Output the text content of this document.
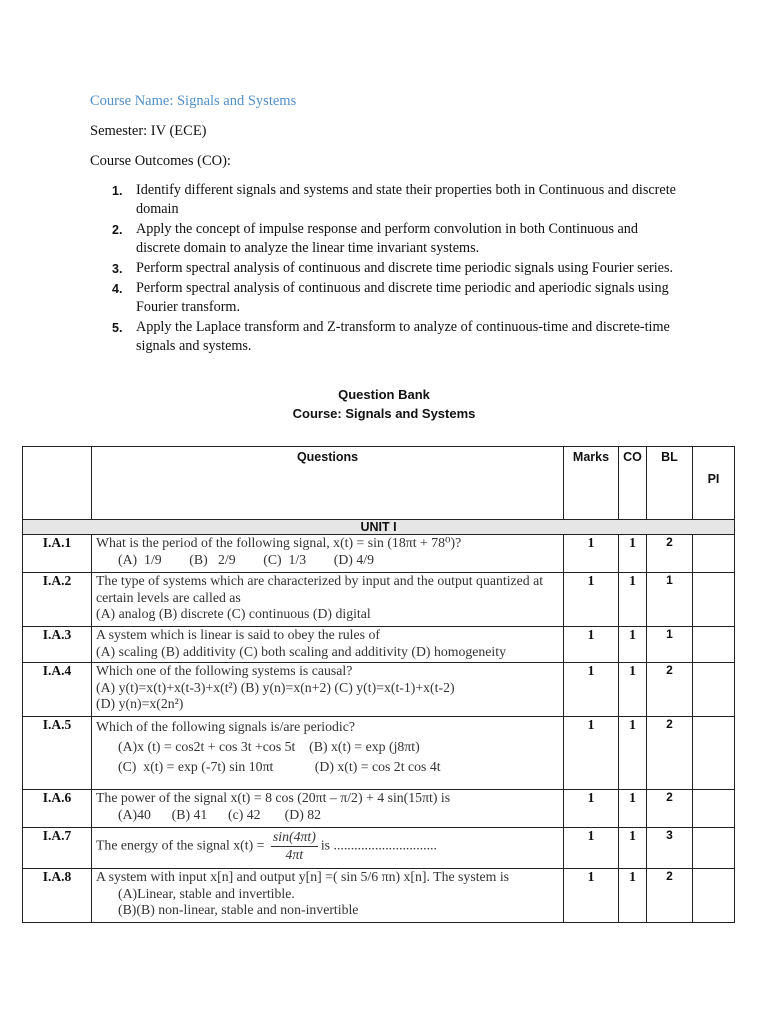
Course Name: Signals and Systems
Semester: IV (ECE)
Course Outcomes (CO):
1. Identify different signals and systems and state their properties both in Continuous and discrete domain
2. Apply the concept of impulse response and perform convolution in both Continuous and discrete domain to analyze the linear time invariant systems.
3. Perform spectral analysis of continuous and discrete time periodic signals using Fourier series.
4. Perform spectral analysis of continuous and discrete time periodic and aperiodic signals using Fourier transform.
5. Apply the Laplace transform and Z-transform to analyze of continuous-time and discrete-time signals and systems.
Question Bank
Course: Signals and Systems
	Questions	Marks	CO	BL	PI

UNIT I					
I.A.1	What is the period of the following signal, x(t) = sin (18πt + 78⁰)?
(A)  1/9        (B)   2/9        (C)  1/3        (D) 4/9	1	1	2	
I.A.2	The type of systems which are characterized by input and the output quantized at certain levels are called as
(A) analog (B) discrete (C) continuous (D) digital	1	1	1	
I.A.3	A system which is linear is said to obey the rules of
(A) scaling (B) additivity (C) both scaling and additivity (D) homogeneity	1	1	1	
I.A.4	Which one of the following systems is causal?
(A) y(t)=x(t)+x(t-3)+x(t²) (B) y(n)=x(n+2) (C) y(t)=x(t-1)+x(t-2)
(D) y(n)=x(2n²)	1	1	2	
I.A.5	Which of the following signals is/are periodic?
(A)x (t) = cos2t + cos 3t +cos 5t    (B) x(t) = exp (j8πt)
(C)  x(t) = exp (-7t) sin 10πt            (D) x(t) = cos 2t cos 4t	1	1	2	
I.A.6	The power of the signal x(t) = 8 cos (20πt – π/2) + 4 sin(15πt) is
(A)40      (B) 41      (c) 42       (D) 82	1	1	2	
I.A.7	The energy of the signal $x(t) = \frac{\sin(4\pi t)}{4\pi t}$ is ..............................	1	1	3	
I.A.8	A system with input x[n] and output y[n] =( sin 5/6 πn) x[n]. The system is
(A)Linear, stable and invertible.
(B)(B) non-linear, stable and non-invertible	1	1	2	
